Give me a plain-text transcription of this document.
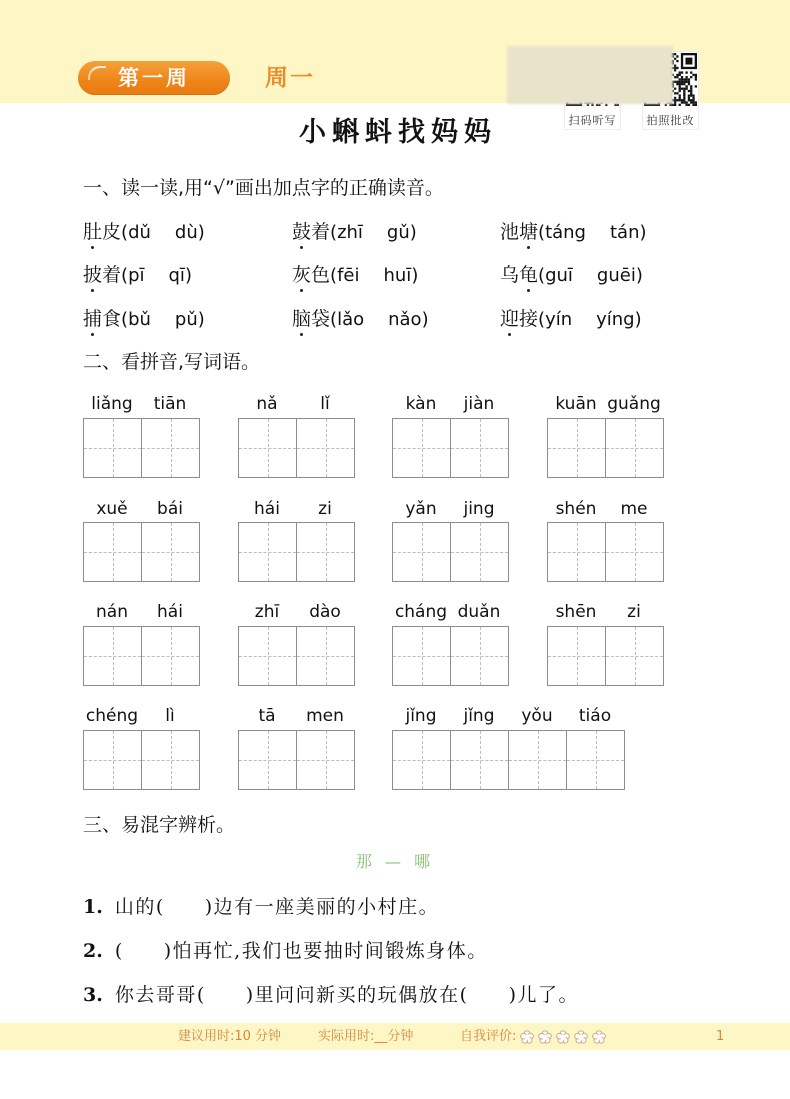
第一周	周一
扫码听写	拍照批改
小蝌蚪找妈妈
一、读一读,用“√”画出加点字的正确读音。
肚皮(dǔ dù)	鼓着(zhī gǔ)	池塘(táng tán)
披着(pī qī)	灰色(fēi huī)	乌龟(guī guēi)
捕食(bǔ pǔ)	脑袋(lǎo nǎo)	迎接(yín yíng)
二、看拼音,写词语。
liǎng	tiān	nǎ	lǐ	kàn	jiàn	kuān guǎng
xuě	bái	hái	zi	yǎn	jing	shén	me
nán	hái	zhī	dào	cháng duǎn	shēn	zi
chéng	lì	tā	men	jǐng	jǐng	yǒu	tiáo
三、易混字辨析。
那 — 哪
1. 山的( )边有一座美丽的小村庄。
2. ( )怕再忙,我们也要抽时间锻炼身体。
3. 你去哥哥( )里问问新买的玩偶放在( )儿了。
建议用时:10 分钟	实际用时:__分钟	自我评价:	1
